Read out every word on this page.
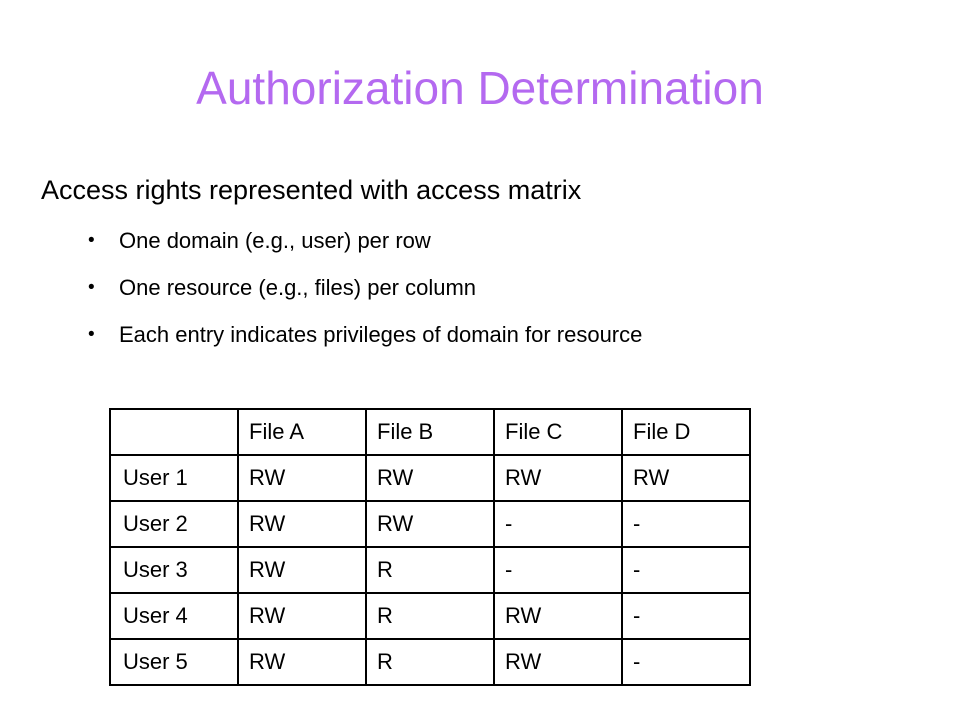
Authorization Determination

Access rights represented with access matrix

• One domain (e.g., user) per row
• One resource (e.g., files) per column
• Each entry indicates privileges of domain for resource
	File A	File B	File C	File D
User 1	RW	RW	RW	RW
User 2	RW	RW	-	-
User 3	RW	R	-	-
User 4	RW	R	RW	-
User 5	RW	R	RW	-
